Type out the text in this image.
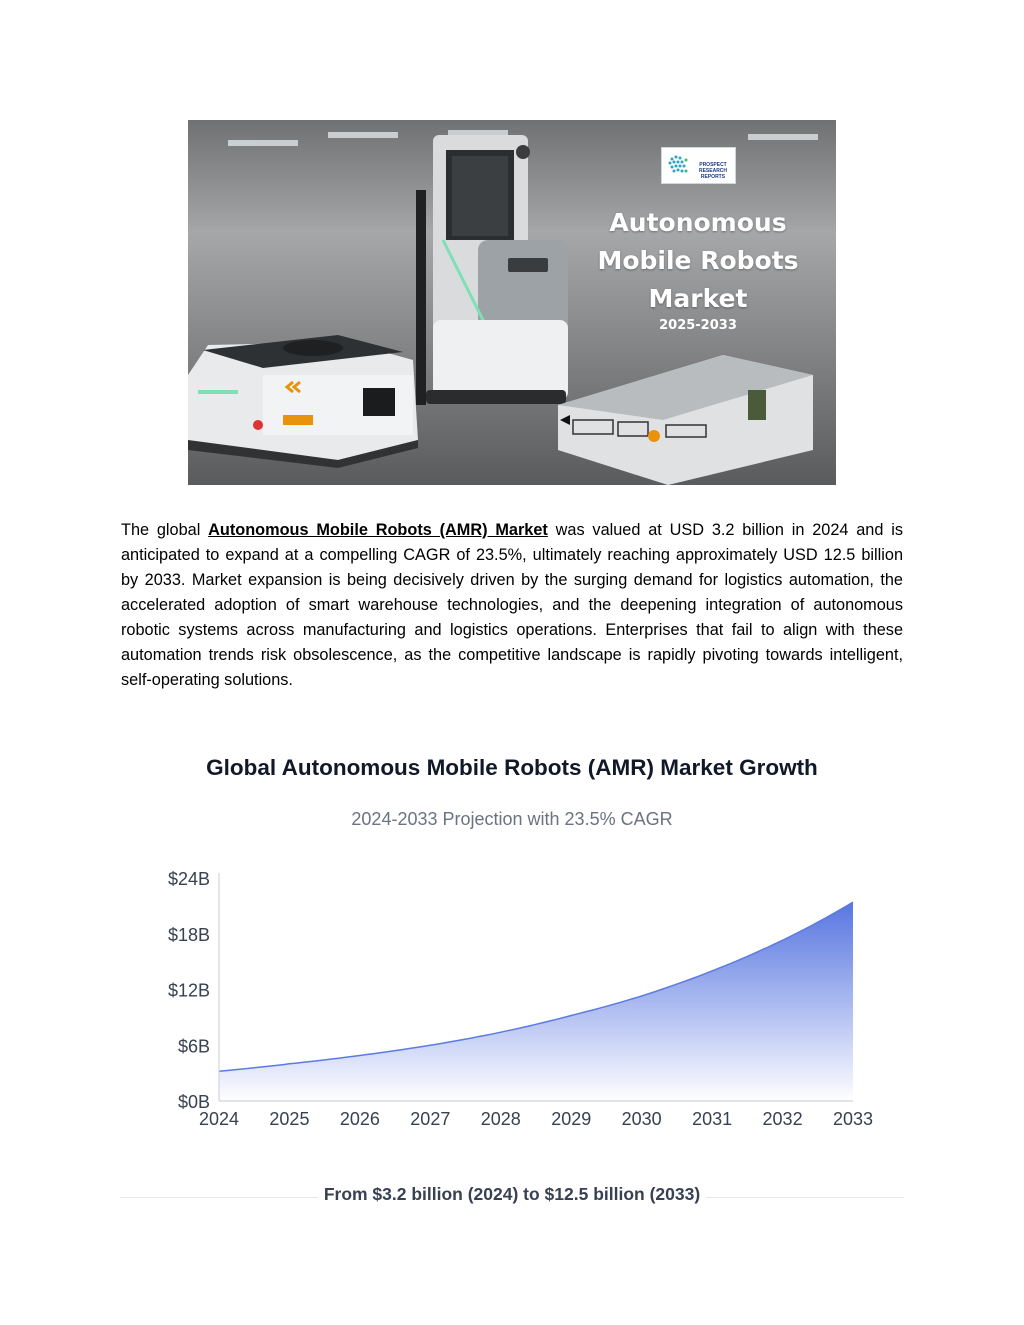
PROSPECT RESEARCH REPORTS
Autonomous
Mobile Robots
Market
2025-2033
The global Autonomous Mobile Robots (AMR) Market was valued at USD 3.2 billion in 2024 and is anticipated to expand at a compelling CAGR of 23.5%, ultimately reaching approximately USD 12.5 billion by 2033. Market expansion is being decisively driven by the surging demand for logistics automation, the accelerated adoption of smart warehouse technologies, and the deepening integration of autonomous robotic systems across manufacturing and logistics operations. Enterprises that fail to align with these automation trends risk obsolescence, as the competitive landscape is rapidly pivoting towards intelligent, self-operating solutions.
Global Autonomous Mobile Robots (AMR) Market Growth
2024-2033 Projection with 23.5% CAGR
$0B
$6B
$12B
$18B
$24B
2024 2025 2026 2027 2028 2029 2030 2031 2032 2033
From $3.2 billion (2024) to $12.5 billion (2033)
